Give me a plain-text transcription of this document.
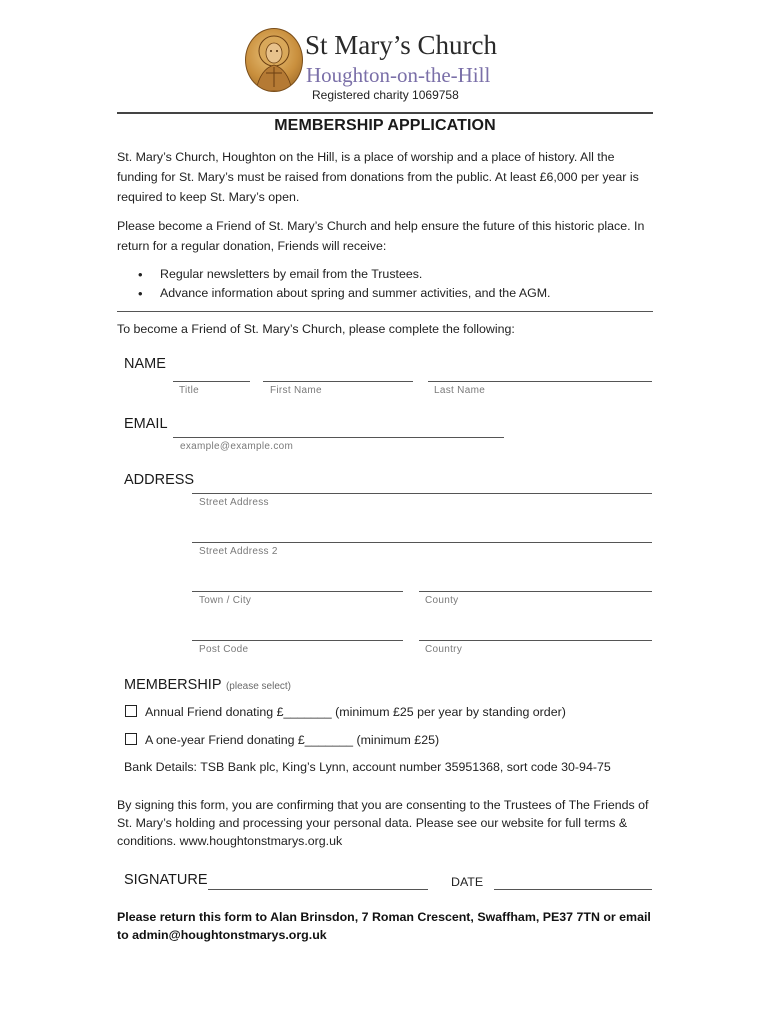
St Mary’s Church
Houghton-on-the-Hill
Registered charity 1069758
MEMBERSHIP APPLICATION
St. Mary’s Church, Houghton on the Hill, is a place of worship and a place of history. All the funding for St. Mary’s must be raised from donations from the public. At least £6,000 per year is required to keep St. Mary’s open.
Please become a Friend of St. Mary’s Church and help ensure the future of this historic place. In return for a regular donation, Friends will receive:
• Regular newsletters by email from the Trustees.
• Advance information about spring and summer activities, and the AGM.
To become a Friend of St. Mary’s Church, please complete the following:
NAME
Title	First Name	Last Name
EMAIL
example@example.com
ADDRESS
Street Address
Street Address 2
Town / City	County
Post Code	Country
MEMBERSHIP (please select)
Annual Friend donating £_______ (minimum £25 per year by standing order)
A one-year Friend donating £_______ (minimum £25)
Bank Details: TSB Bank plc, King’s Lynn, account number 35951368, sort code 30-94-75
By signing this form, you are confirming that you are consenting to the Trustees of The Friends of St. Mary’s holding and processing your personal data. Please see our website for full terms & conditions. www.houghtonstmarys.org.uk
SIGNATURE	DATE
Please return this form to Alan Brinsdon, 7 Roman Crescent, Swaffham, PE37 7TN or email to admin@houghtonstmarys.org.uk
